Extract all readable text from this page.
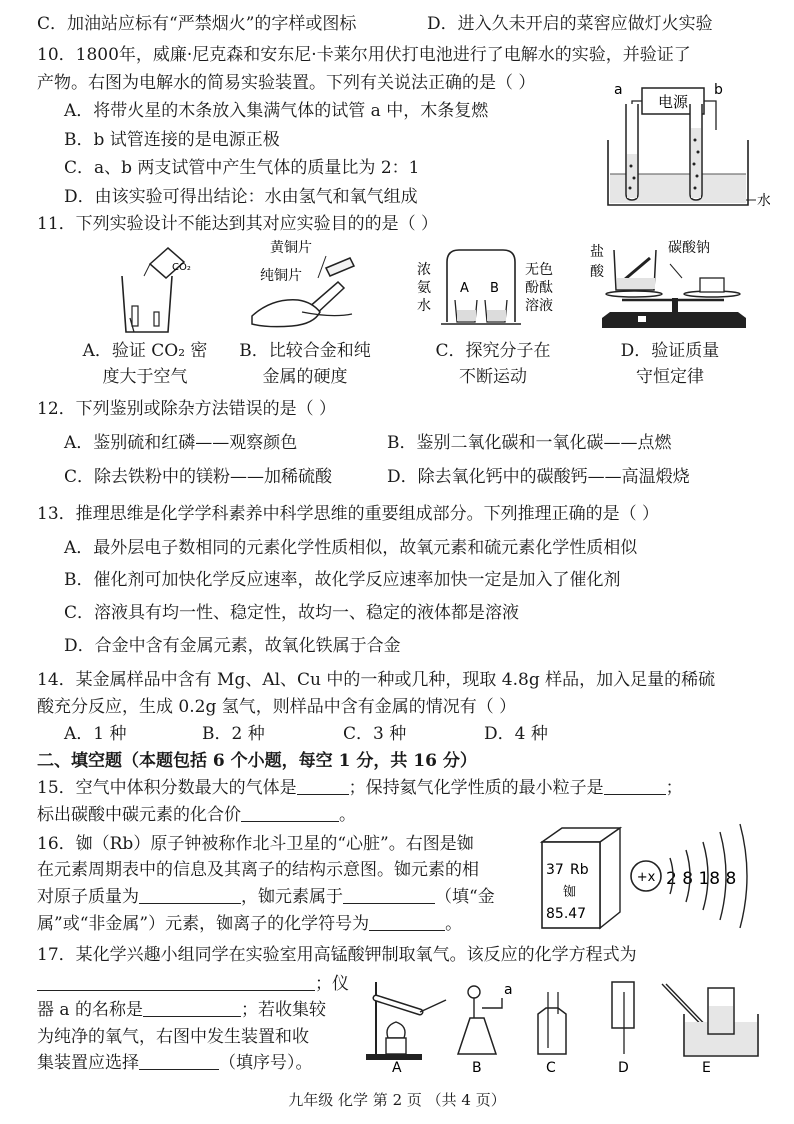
C．加油站应标有“严禁烟火”的字样或图标	D．进入久未开启的菜窖应做灯火实验
10．1800年，威廉·尼克森和安东尼·卡莱尔用伏打电池进行了电解水的实验，并验证了
产物。右图为电解水的简易实验装置。下列有关说法正确的是（ ）
A．将带火星的木条放入集满气体的试管 a 中，木条复燃
B．b 试管连接的是电源正极
C．a、b 两支试管中产生气体的质量比为 2：1
D．由该实验可得出结论：水由氢气和氧气组成
电源
a	b
水
11．下列实验设计不能达到其对应实验目的的是（ ）
CO₂
A．验证 CO₂ 密
度大于空气
黄铜片
纯铜片
B．比较合金和纯
金属的硬度
A B
浓
氨
水
无色
酚酞
溶液
C．探究分子在
不断运动
盐
酸
碳酸钠
D．验证质量
守恒定律
12．下列鉴别或除杂方法错误的是（ ）
A．鉴别硫和红磷——观察颜色	B．鉴别二氧化碳和一氧化碳——点燃
C．除去铁粉中的镁粉——加稀硫酸	D．除去氧化钙中的碳酸钙——高温煅烧
13．推理思维是化学学科素养中科学思维的重要组成部分。下列推理正确的是（ ）
A．最外层电子数相同的元素化学性质相似，故氧元素和硫元素化学性质相似
B．催化剂可加快化学反应速率，故化学反应速率加快一定是加入了催化剂
C．溶液具有均一性、稳定性，故均一、稳定的液体都是溶液
D．合金中含有金属元素，故氧化铁属于合金
14．某金属样品中含有 Mg、Al、Cu 中的一种或几种，现取 4.8g 样品，加入足量的稀硫
酸充分反应，生成 0.2g 氢气，则样品中含有金属的情况有（ ）
A．1 种	B．2 种	C．3 种	D．4 种
二、填空题（本题包括 6 个小题，每空 1 分，共 16 分）
15．空气中体积分数最大的气体是	；保持氦气化学性质的最小粒子是	；
标出碳酸中碳元素的化合价	。
16．铷（Rb）原子钟被称作北斗卫星的“心脏”。右图是铷
在元素周期表中的信息及其离子的结构示意图。铷元素的相
对原子质量为	，铷元素属于	（填“金
属”或“非金属”）元素，铷离子的化学符号为	。
37 Rb
铷
85.47
+x 2 8 18 8
17．某化学兴趣小组同学在实验室用高锰酸钾制取氧气。该反应的化学方程式为
；仪
器 a 的名称是	；若收集较
为纯净的氧气，右图中发生装置和收
集装置应选择	（填序号）。	A
a
B	C	D	E
九年级 化学 第 2 页 （共 4 页）
